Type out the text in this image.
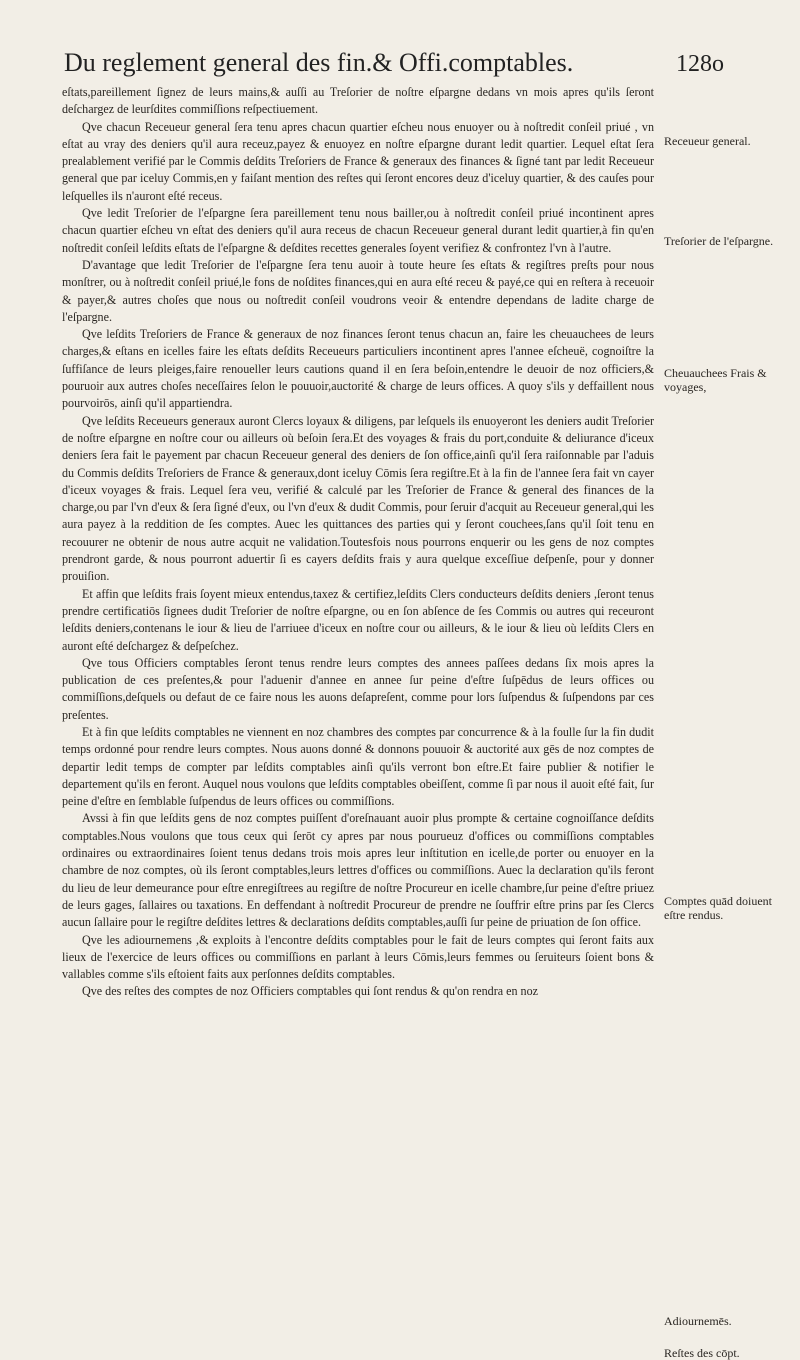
Du reglement general des fin.& Offi.comptables.	128o

eſtats,pareillement ſignez de leurs mains,& auſſi au Treſorier de noſtre eſpargne dedans vn mois apres qu'ils ſeront deſchargez de leurſdites commiſſions reſpectiuement.

Qve chacun Receueur general ſera tenu apres chacun quartier eſcheu nous enuoyer ou à noſtredit conſeil priué , vn eſtat au vray des deniers qu'il aura receuz,payez & enuoyez en noſtre eſpargne durant ledit quartier. Lequel eſtat ſera prealablement verifié par le Commis deſdits Treſoriers de France & generaux des finances & ſigné tant par ledit Receueur general que par iceluy Commis,en y faiſant mention des reſtes qui ſeront encores deuz d'iceluy quartier, & des cauſes pour leſquelles ils n'auront eſté receus.

Qve ledit Treſorier de l'eſpargne ſera pareillement tenu nous bailler,ou à noſtredit conſeil priué incontinent apres chacun quartier eſcheu vn eſtat des deniers qu'il aura receus de chacun Receueur general durant ledit quartier,à fin qu'en noſtredit conſeil leſdits eſtats de l'eſpargne & deſdites recettes generales ſoyent verifiez & confrontez l'vn à l'autre.

D'avantage que ledit Treſorier de l'eſpargne ſera tenu auoir à toute heure ſes eſtats & regiſtres preſts pour nous monſtrer, ou à noſtredit conſeil priué,le fons de noſdites finances,qui en aura eſté receu & payé,ce qui en reſtera à receuoir & payer,& autres choſes que nous ou noſtredit conſeil voudrons veoir & entendre dependans de ladite charge de l'eſpargne.

Qve leſdits Treſoriers de France & generaux de noz finances ſeront tenus chacun an, faire les cheuauchees de leurs charges,& eſtans en icelles faire les eſtats deſdits Receueurs particuliers incontinent apres l'annee eſcheuë, cognoiſtre la ſuffiſance de leurs pleiges,faire renoueller leurs cautions quand il en ſera beſoin,entendre le deuoir de noz officiers,& pouruoir aux autres choſes neceſſaires ſelon le pouuoir,auctorité & charge de leurs offices. A quoy s'ils y deffaillent nous pourvoirōs, ainſi qu'il appartiendra.

Qve leſdits Receueurs generaux auront Clercs loyaux & diligens, par leſquels ils enuoyeront les deniers audit Treſorier de noſtre eſpargne en noſtre cour ou ailleurs où beſoin ſera.Et des voyages & frais du port,conduite & deliurance d'iceux deniers ſera fait le payement par chacun Receueur general des deniers de ſon office,ainſi qu'il ſera raiſonnable par l'aduis du Commis deſdits Treſoriers de France & generaux,dont iceluy Cōmis ſera regiſtre.Et à la fin de l'annee ſera fait vn cayer d'iceux voyages & frais. Lequel ſera veu, verifié & calculé par les Treſorier de France & general des finances de la charge,ou par l'vn d'eux & ſera ſigné d'eux, ou l'vn d'eux & dudit Commis, pour ſeruir d'acquit au Receueur general,qui les aura payez à la reddition de ſes comptes. Auec les quittances des parties qui y ſeront couchees,ſans qu'il ſoit tenu en recouurer ne obtenir de nous autre acquit ne validation.Toutesfois nous pourrons enquerir ou les gens de noz comptes prendront garde, & nous pourront aduertir ſi es cayers deſdits frais y aura quelque exceſſiue deſpenſe, pour y donner prouiſion.

Et affin que leſdits frais ſoyent mieux entendus,taxez & certifiez,leſdits Clers conducteurs deſdits deniers ,ſeront tenus prendre certificatiōs ſignees dudit Treſorier de noſtre eſpargne, ou en ſon abſence de ſes Commis ou autres qui receuront leſdits deniers,contenans le iour & lieu de l'arriuee d'iceux en noſtre cour ou ailleurs, & le iour & lieu où leſdits Clers en auront eſté deſchargez & deſpeſchez.

Qve tous Officiers comptables ſeront tenus rendre leurs comptes des annees paſſees dedans ſix mois apres la publication de ces preſentes,& pour l'aduenir d'annee en annee ſur peine d'eſtre ſuſpēdus de leurs offices ou commiſſions,deſquels ou defaut de ce faire nous les auons deſapreſent, comme pour lors ſuſpendus & ſuſpendons par ces preſentes.

Et à fin que leſdits comptables ne viennent en noz chambres des comptes par concurrence & à la foulle ſur la fin dudit temps ordonné pour rendre leurs comptes. Nous auons donné & donnons pouuoir & auctorité aux gēs de noz comptes de departir ledit temps de compter par leſdits comptables ainſi qu'ils verront bon eſtre.Et faire publier & notifier le departement qu'ils en feront. Auquel nous voulons que leſdits comptables obeiſſent, comme ſi par nous il auoit eſté fait, ſur peine d'eſtre en ſemblable ſuſpendus de leurs offices ou commiſſions.

Avssi à fin que leſdits gens de noz comptes puiſſent d'oreſnauant auoir plus prompte & certaine cognoiſſance deſdits comptables.Nous voulons que tous ceux qui ſerōt cy apres par nous pourueuz d'offices ou commiſſions comptables ordinaires ou extraordinaires ſoient tenus dedans trois mois apres leur inſtitution en icelle,de porter ou enuoyer en la chambre de noz comptes, où ils ſeront comptables,leurs lettres d'offices ou commiſſions. Auec la declaration qu'ils feront du lieu de leur demeurance pour eſtre enregiſtrees au regiſtre de noſtre Procureur en icelle chambre,ſur peine d'eſtre priuez de leurs gages, ſallaires ou taxations. En deffendant à noſtredit Procureur de prendre ne ſouffrir eſtre prins par ſes Clercs aucun ſallaire pour le regiſtre deſdites lettres & declarations deſdits comptables,auſſi ſur peine de priuation de ſon office.

Qve les adiournemens ,& exploits à l'encontre deſdits comptables pour le fait de leurs comptes qui ſeront faits aux lieux de l'exercice de leurs offices ou commiſſions en parlant à leurs Cōmis,leurs femmes ou ſeruiteurs ſoient bons & vallables comme s'ils eſtoient faits aux perſonnes deſdits comptables.

Qve des reſtes des comptes de noz Officiers comptables qui ſont rendus & qu'on rendra en noz

Receueur general.
Treſorier de l'eſpargne.
Cheuauchees Frais & voyages,
Comptes quād doiuent eſtre rendus.
Adiournemēs.
Reſtes des cōpt.
